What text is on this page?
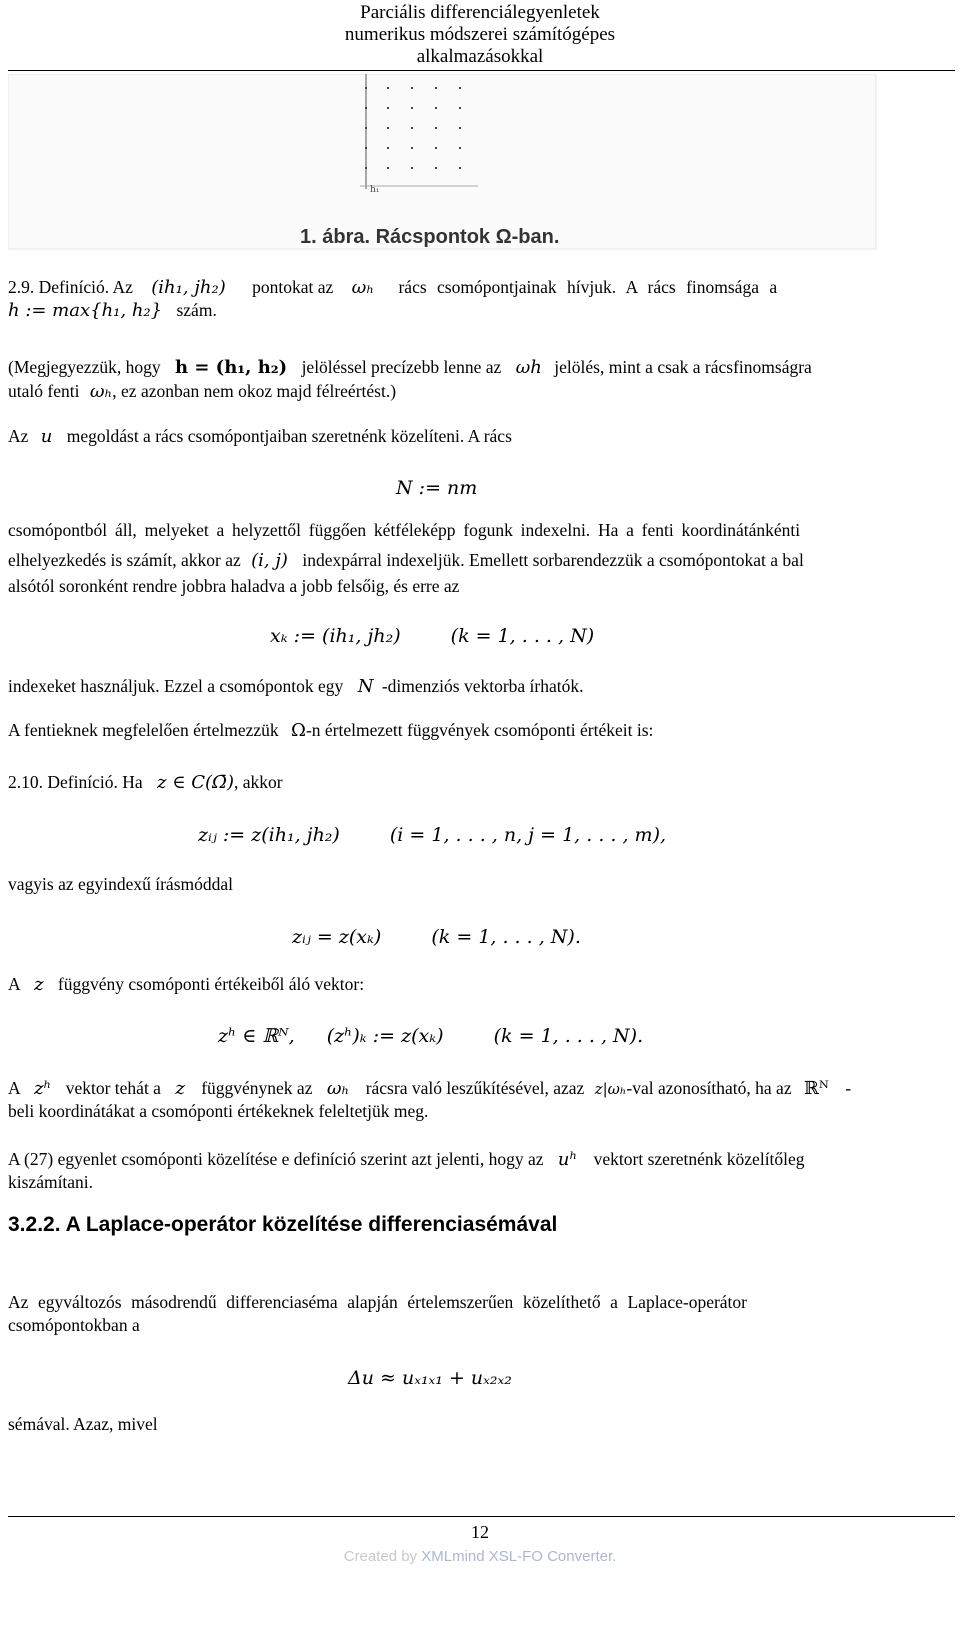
Parciális differenciálegyenletek
numerikus módszerei számítógépes
alkalmazásokkal
h₁
1. ábra. Rácspontok Ω-ban.
2.9. Definíció. Az (ih₁, jh₂) pontokat az ωₕ rács csomópontjainak hívjuk. A rács finomsága a
h := max{h₁, h₂} szám.
(Megjegyezzük, hogy h = (h₁, h₂) jelöléssel precízebb lenne az ωh jelölés, mint a csak a rácsfinomságra
utaló fenti ωₕ, ez azonban nem okoz majd félreértést.)
Az u megoldást a rács csomópontjaiban szeretnénk közelíteni. A rács
N := nm
csomópontból áll, melyeket a helyzettől függően kétféleképp fogunk indexelni. Ha a fenti koordinátánkénti
elhelyezkedés is számít, akkor az (i, j) indexpárral indexeljük. Emellett sorbarendezzük a csomópontokat a bal
alsótól soronként rendre jobbra haladva a jobb felsőig, és erre az
xₖ := (ih₁, jh₂)	(k = 1, . . . , N)
indexeket használjuk. Ezzel a csomópontok egy N -dimenziós vektorba írhatók.
A fentieknek megfelelően értelmezzük Ω-n értelmezett függvények csomóponti értékeit is:
2.10. Definíció. Ha z ∈ C(Ω̄), akkor
zᵢⱼ := z(ih₁, jh₂)	(i = 1, . . . , n, j = 1, . . . , m),
vagyis az egyindexű írásmóddal
zᵢⱼ = z(xₖ)	(k = 1, . . . , N).
A z függvény csomóponti értékeiből áló vektor:
zʰ ∈ ℝᴺ, (zʰ)ₖ := z(xₖ)	(k = 1, . . . , N).
A zʰ vektor tehát a z függvénynek az ωₕ rácsra való leszűkítésével, azaz z|ωₕ-val azonosítható, ha az ℝᴺ -
beli koordinátákat a csomóponti értékeknek feleltetjük meg.
A (27) egyenlet csomóponti közelítése e definíció szerint azt jelenti, hogy az uʰ vektort szeretnénk közelítőleg
kiszámítani.
3.2.2. A Laplace-operátor közelítése differenciasémával
Az egyváltozós másodrendű differenciaséma alapján értelemszerűen közelíthető a Laplace-operátor
csomópontokban a
Δu ≈ uₓ₁ₓ₁ + uₓ₂ₓ₂
sémával. Azaz, mivel
12
Created by XMLmind XSL-FO Converter.
